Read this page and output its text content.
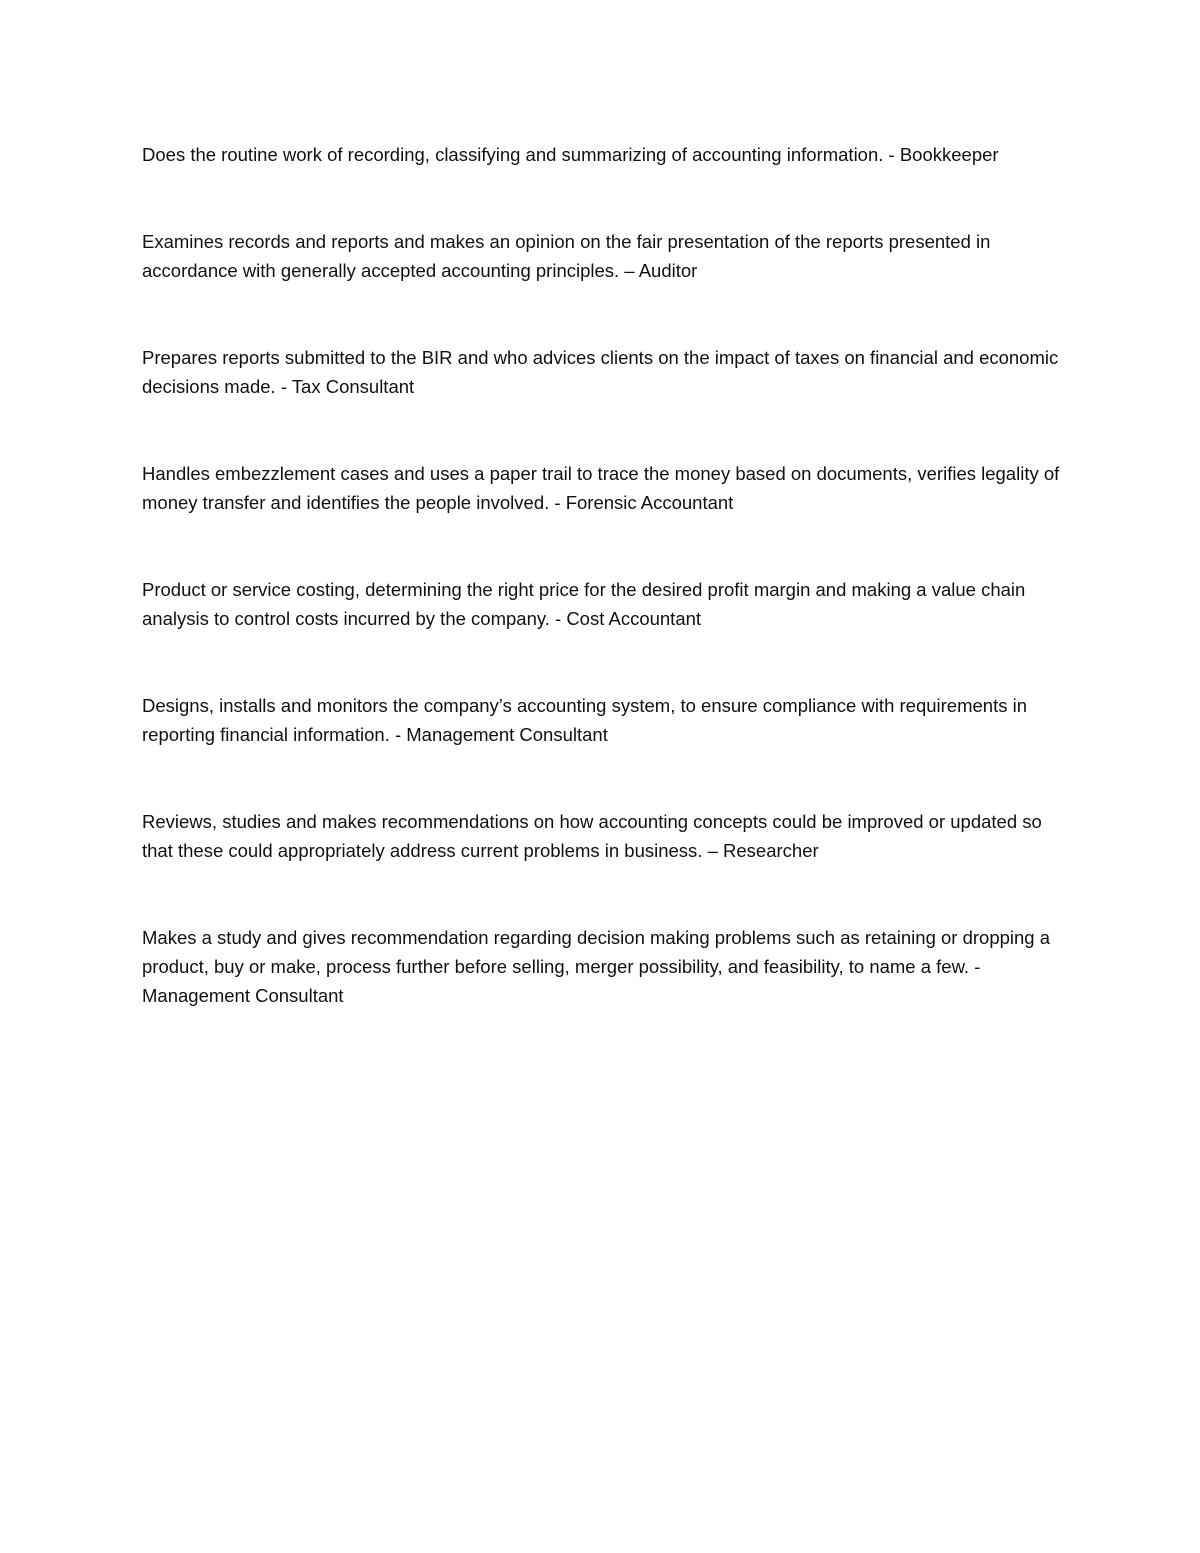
Does the routine work of recording, classifying and summarizing of accounting information. - Bookkeeper

Examines records and reports and makes an opinion on the fair presentation of the reports presented in accordance with generally accepted accounting principles. – Auditor

Prepares reports submitted to the BIR and who advices clients on the impact of taxes on financial and economic decisions made. - Tax Consultant

Handles embezzlement cases and uses a paper trail to trace the money based on documents, verifies legality of money transfer and identifies the people involved. - Forensic Accountant

Product or service costing, determining the right price for the desired profit margin and making a value chain analysis to control costs incurred by the company. - Cost Accountant

Designs, installs and monitors the company’s accounting system, to ensure compliance with requirements in reporting financial information. - Management Consultant

Reviews, studies and makes recommendations on how accounting concepts could be improved or updated so that these could appropriately address current problems in business. – Researcher

Makes a study and gives recommendation regarding decision making problems such as retaining or dropping a product, buy or make, process further before selling, merger possibility, and feasibility, to name a few. - Management Consultant
